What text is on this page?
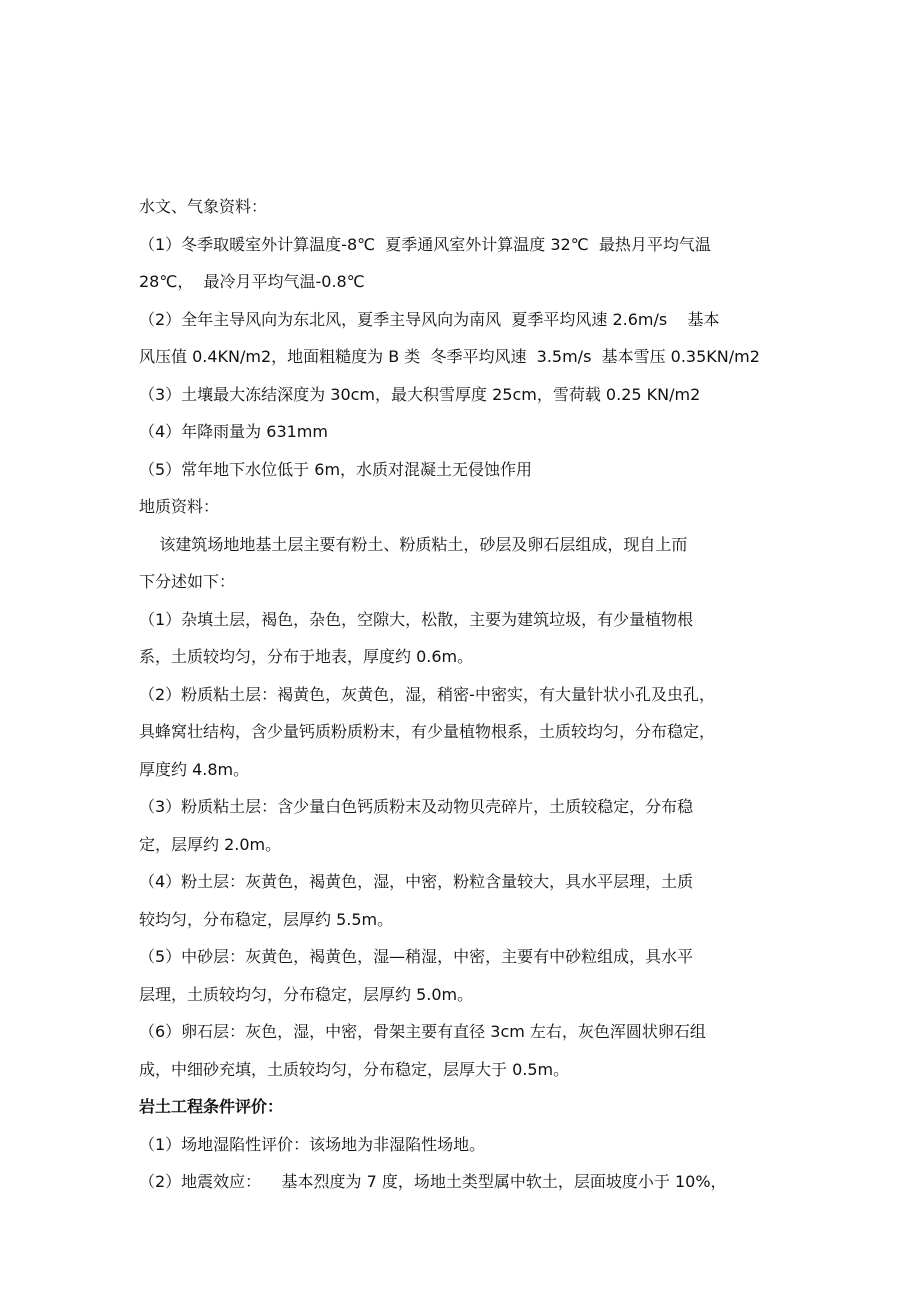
水文、气象资料：
（1）冬季取暖室外计算温度-8℃  夏季通风室外计算温度 32℃  最热月平均气温
28℃，  最冷月平均气温-0.8℃
（2）全年主导风向为东北风，夏季主导风向为南风  夏季平均风速 2.6m/s    基本
风压值 0.4KN/m2，地面粗糙度为 B 类  冬季平均风速  3.5m/s  基本雪压 0.35KN/m2
（3）土壤最大冻结深度为 30cm，最大积雪厚度 25cm，雪荷载 0.25 KN/m2
（4）年降雨量为 631mm
（5）常年地下水位低于 6m，水质对混凝土无侵蚀作用
地质资料：
该建筑场地地基土层主要有粉土、粉质粘土，砂层及卵石层组成，现自上而
下分述如下：
（1）杂填土层，褐色，杂色，空隙大，松散，主要为建筑垃圾，有少量植物根
系，土质较均匀，分布于地表，厚度约 0.6m。
（2）粉质粘土层：褐黄色，灰黄色，湿，稍密-中密实，有大量针状小孔及虫孔，
具蜂窝壮结构，含少量钙质粉质粉末，有少量植物根系，土质较均匀，分布稳定，
厚度约 4.8m。
（3）粉质粘土层：含少量白色钙质粉末及动物贝壳碎片，土质较稳定，分布稳
定，层厚约 2.0m。
（4）粉土层：灰黄色，褐黄色，湿，中密，粉粒含量较大，具水平层理，土质
较均匀，分布稳定，层厚约 5.5m。
（5）中砂层：灰黄色，褐黄色，湿—稍湿，中密，主要有中砂粒组成，具水平
层理，土质较均匀，分布稳定，层厚约 5.0m。
（6）卵石层：灰色，湿，中密，骨架主要有直径 3cm 左右，灰色浑圆状卵石组
成，中细砂充填，土质较均匀，分布稳定，层厚大于 0.5m。
岩土工程条件评价：
（1）场地湿陷性评价：该场地为非湿陷性场地。
（2）地震效应：    基本烈度为 7 度，场地土类型属中软土，层面坡度小于 10%，
